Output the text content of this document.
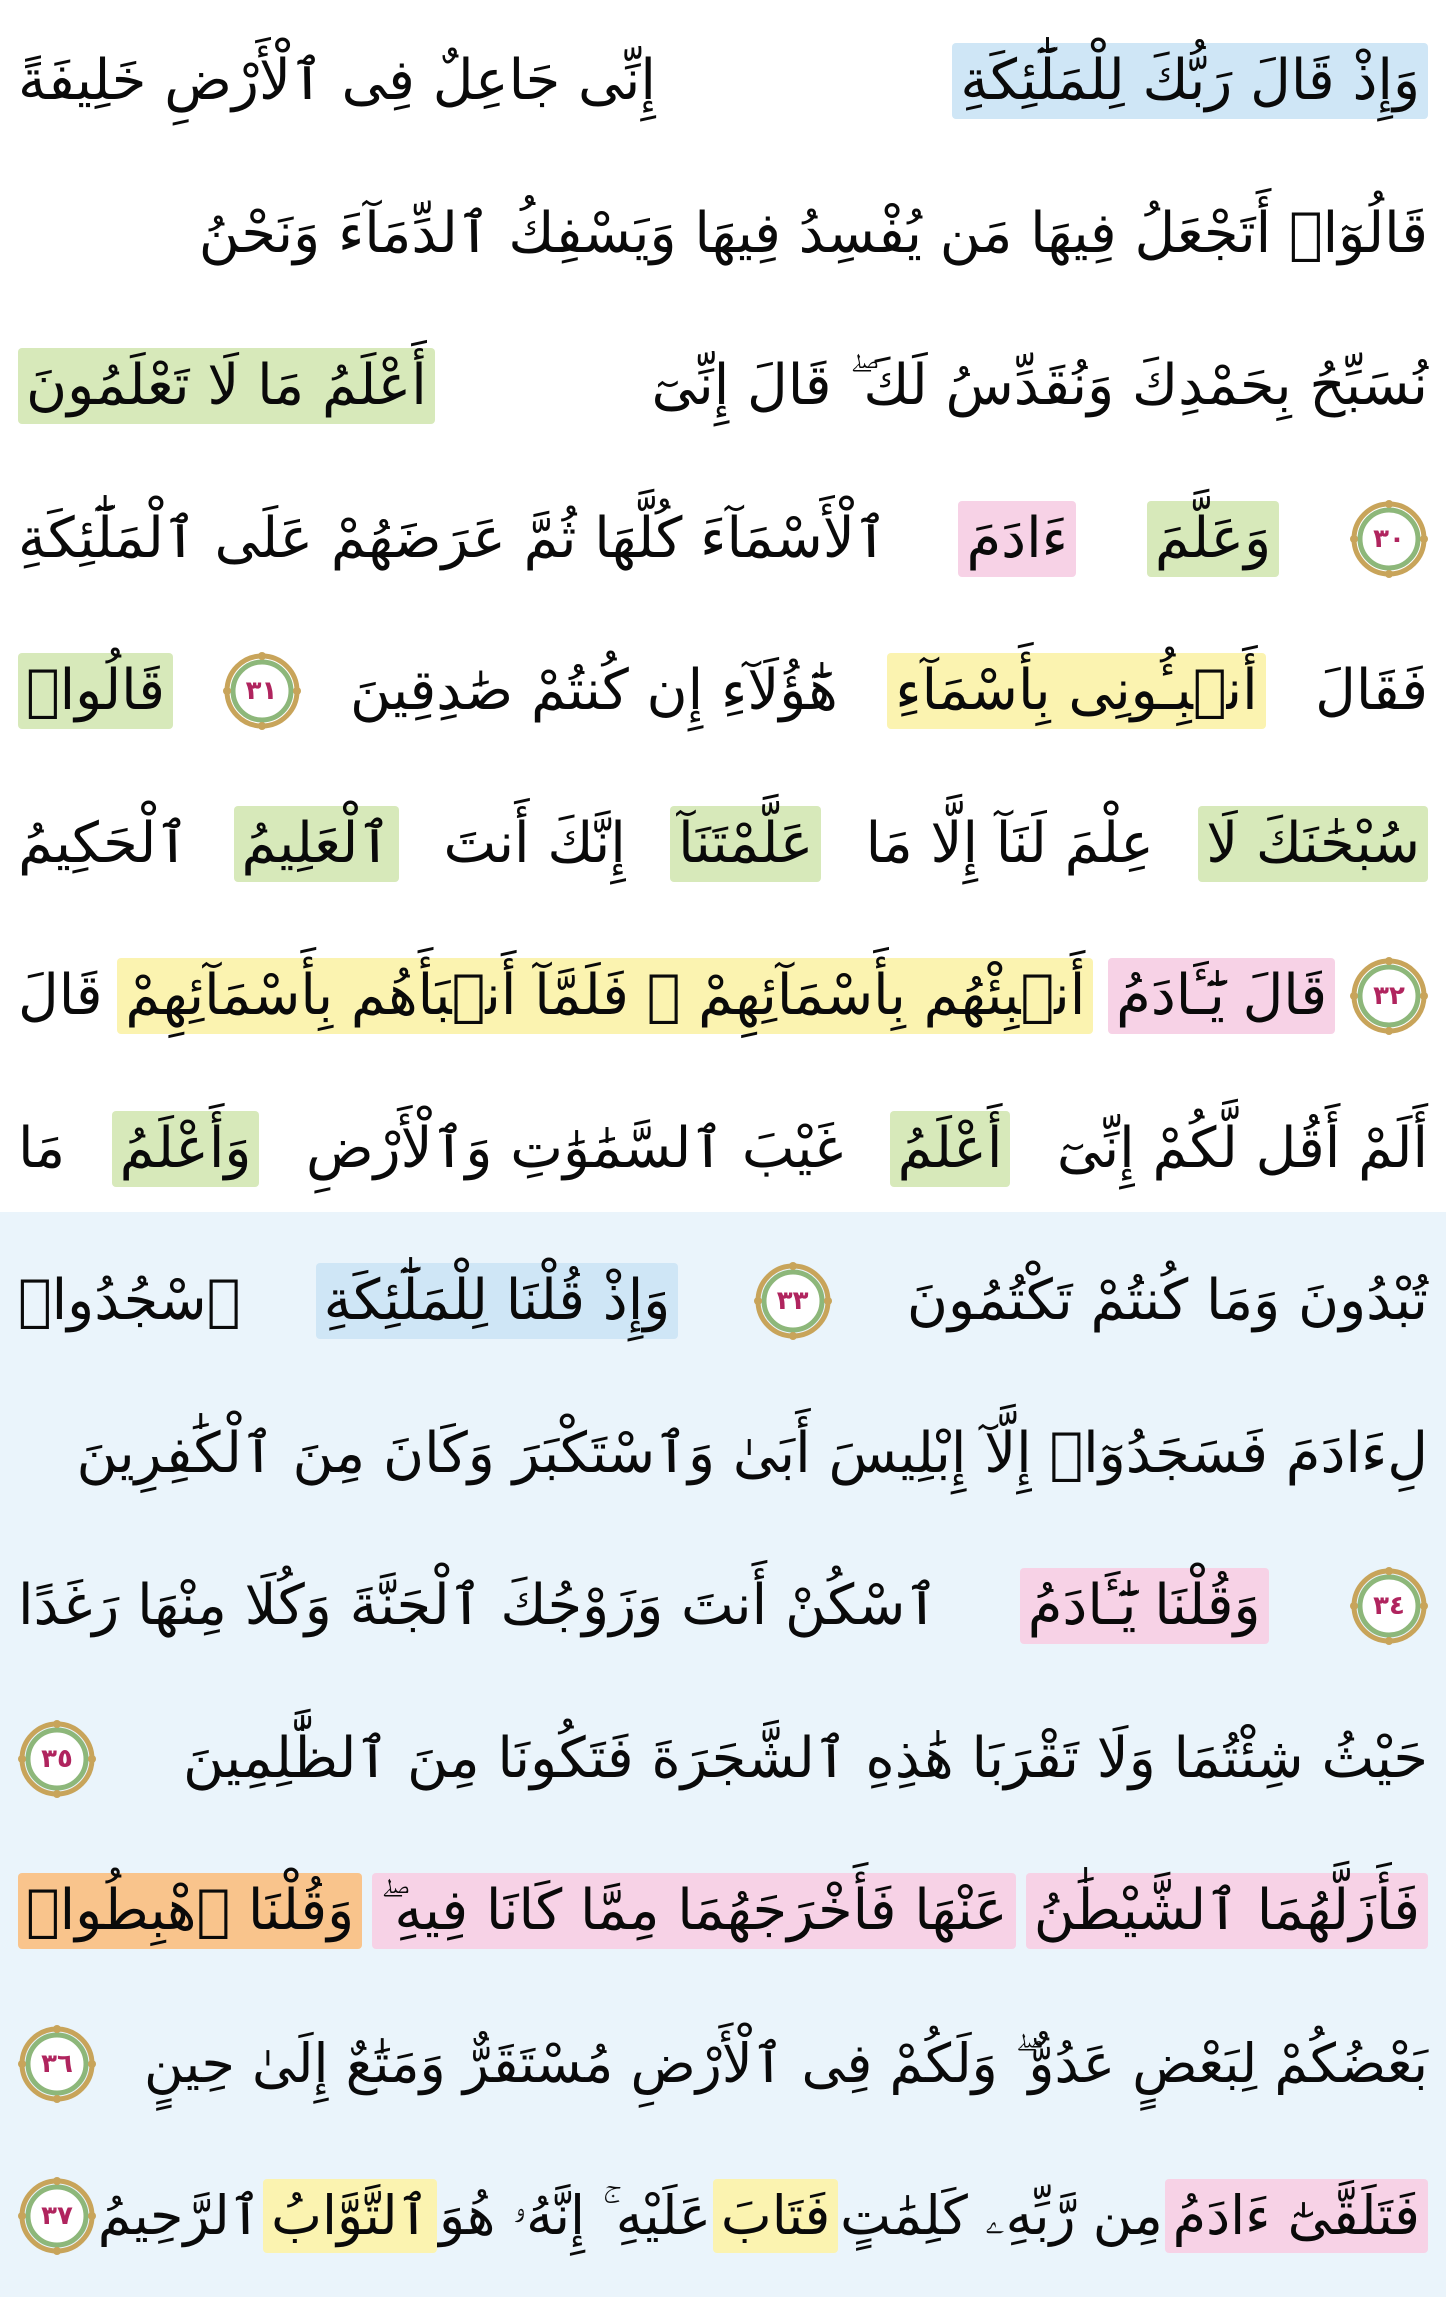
وَإِذْ قَالَ رَبُّكَ لِلْمَلَٰٓئِكَةِ
إِنِّى جَاعِلٌ فِى ٱلْأَرْضِ خَلِيفَةً
قَالُوٓا۟ أَتَجْعَلُ فِيهَا مَن يُفْسِدُ فِيهَا وَيَسْفِكُ ٱلدِّمَآءَ وَنَحْنُ
نُسَبِّحُ بِحَمْدِكَ وَنُقَدِّسُ لَكَ ۖ قَالَ إِنِّىٓ
أَعْلَمُ مَا لَا تَعْلَمُونَ
٣٠
وَعَلَّمَ
ءَادَمَ
ٱلْأَسْمَآءَ كُلَّهَا ثُمَّ عَرَضَهُمْ عَلَى ٱلْمَلَٰٓئِكَةِ
فَقَالَ
أَنۢبِـُٔونِى بِأَسْمَآءِ
هَٰٓؤُلَآءِ إِن كُنتُمْ صَٰدِقِينَ
٣١
قَالُوا۟
سُبْحَٰنَكَ لَا
عِلْمَ لَنَآ إِلَّا مَا
عَلَّمْتَنَآ
إِنَّكَ أَنتَ
ٱلْعَلِيمُ
ٱلْحَكِيمُ
٣٢
قَالَ يَٰٓـَٔادَمُ
أَنۢبِئْهُم بِأَسْمَآئِهِمْ ۖ فَلَمَّآ أَنۢبَأَهُم بِأَسْمَآئِهِمْ
قَالَ
أَلَمْ أَقُل لَّكُمْ إِنِّىٓ
أَعْلَمُ
غَيْبَ ٱلسَّمَٰوَٰتِ وَٱلْأَرْضِ
وَأَعْلَمُ
مَا
تُبْدُونَ وَمَا كُنتُمْ تَكْتُمُونَ
٣٣
وَإِذْ قُلْنَا لِلْمَلَٰٓئِكَةِ
ٱسْجُدُوا۟
لِءَادَمَ فَسَجَدُوٓا۟ إِلَّآ إِبْلِيسَ أَبَىٰ وَٱسْتَكْبَرَ وَكَانَ مِنَ ٱلْكَٰفِرِينَ
٣٤
وَقُلْنَا يَٰٓـَٔادَمُ
ٱسْكُنْ أَنتَ وَزَوْجُكَ ٱلْجَنَّةَ وَكُلَا مِنْهَا رَغَدًا
حَيْثُ شِئْتُمَا وَلَا تَقْرَبَا هَٰذِهِ ٱلشَّجَرَةَ فَتَكُونَا مِنَ ٱلظَّٰلِمِينَ
٣٥
فَأَزَلَّهُمَا ٱلشَّيْطَٰنُ
عَنْهَا فَأَخْرَجَهُمَا مِمَّا كَانَا فِيهِ ۖ
وَقُلْنَا ٱهْبِطُوا۟
بَعْضُكُمْ لِبَعْضٍ عَدُوٌّ ۖ وَلَكُمْ فِى ٱلْأَرْضِ مُسْتَقَرٌّ وَمَتَٰعٌ إِلَىٰ حِينٍ
٣٦
فَتَلَقَّىٰٓ ءَادَمُ
مِن رَّبِّهِۦ كَلِمَٰتٍ
فَتَابَ
عَلَيْهِ ۚ إِنَّهُۥ هُوَ
ٱلتَّوَّابُ
ٱلرَّحِيمُ
٣٧
